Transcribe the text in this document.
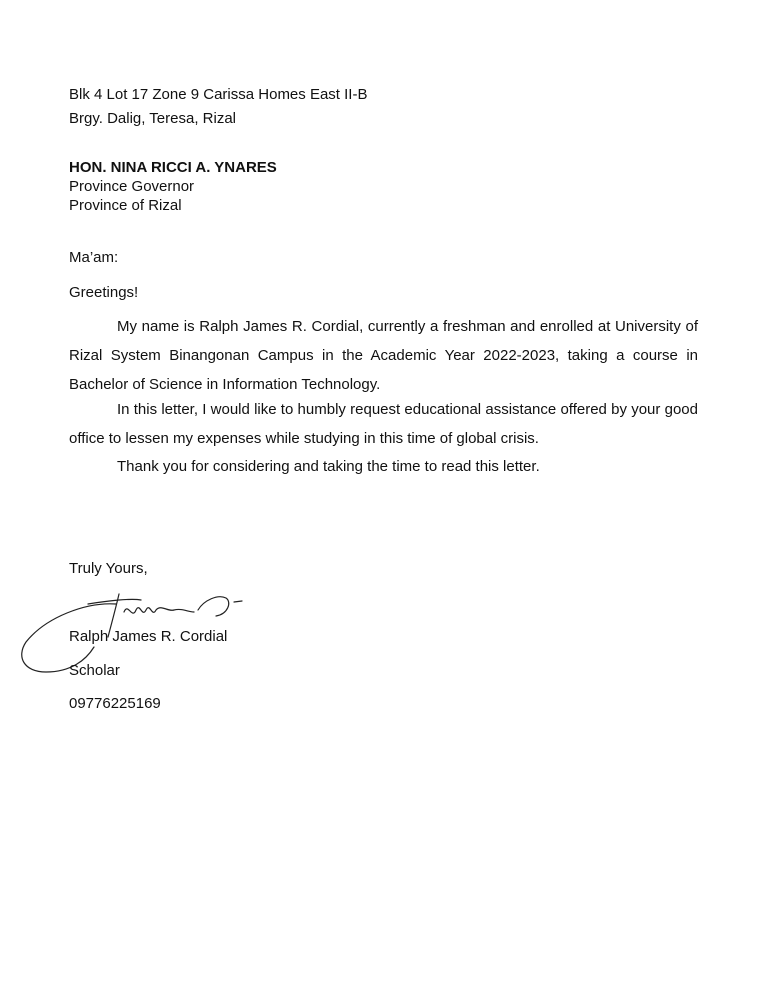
Blk 4 Lot 17 Zone 9 Carissa Homes East II-B
Brgy. Dalig, Teresa, Rizal
HON. NINA RICCI A. YNARES
Province Governor
Province of Rizal
Ma’am:
Greetings!
My name is Ralph James R. Cordial, currently a freshman and enrolled at University of Rizal System Binangonan Campus in the Academic Year 2022-2023, taking a course in Bachelor of Science in Information Technology.
In this letter, I would like to humbly request educational assistance offered by your good office to lessen my expenses while studying in this time of global crisis.
Thank you for considering and taking the time to read this letter.
Truly Yours,
Ralph James R. Cordial
Scholar
09776225169
